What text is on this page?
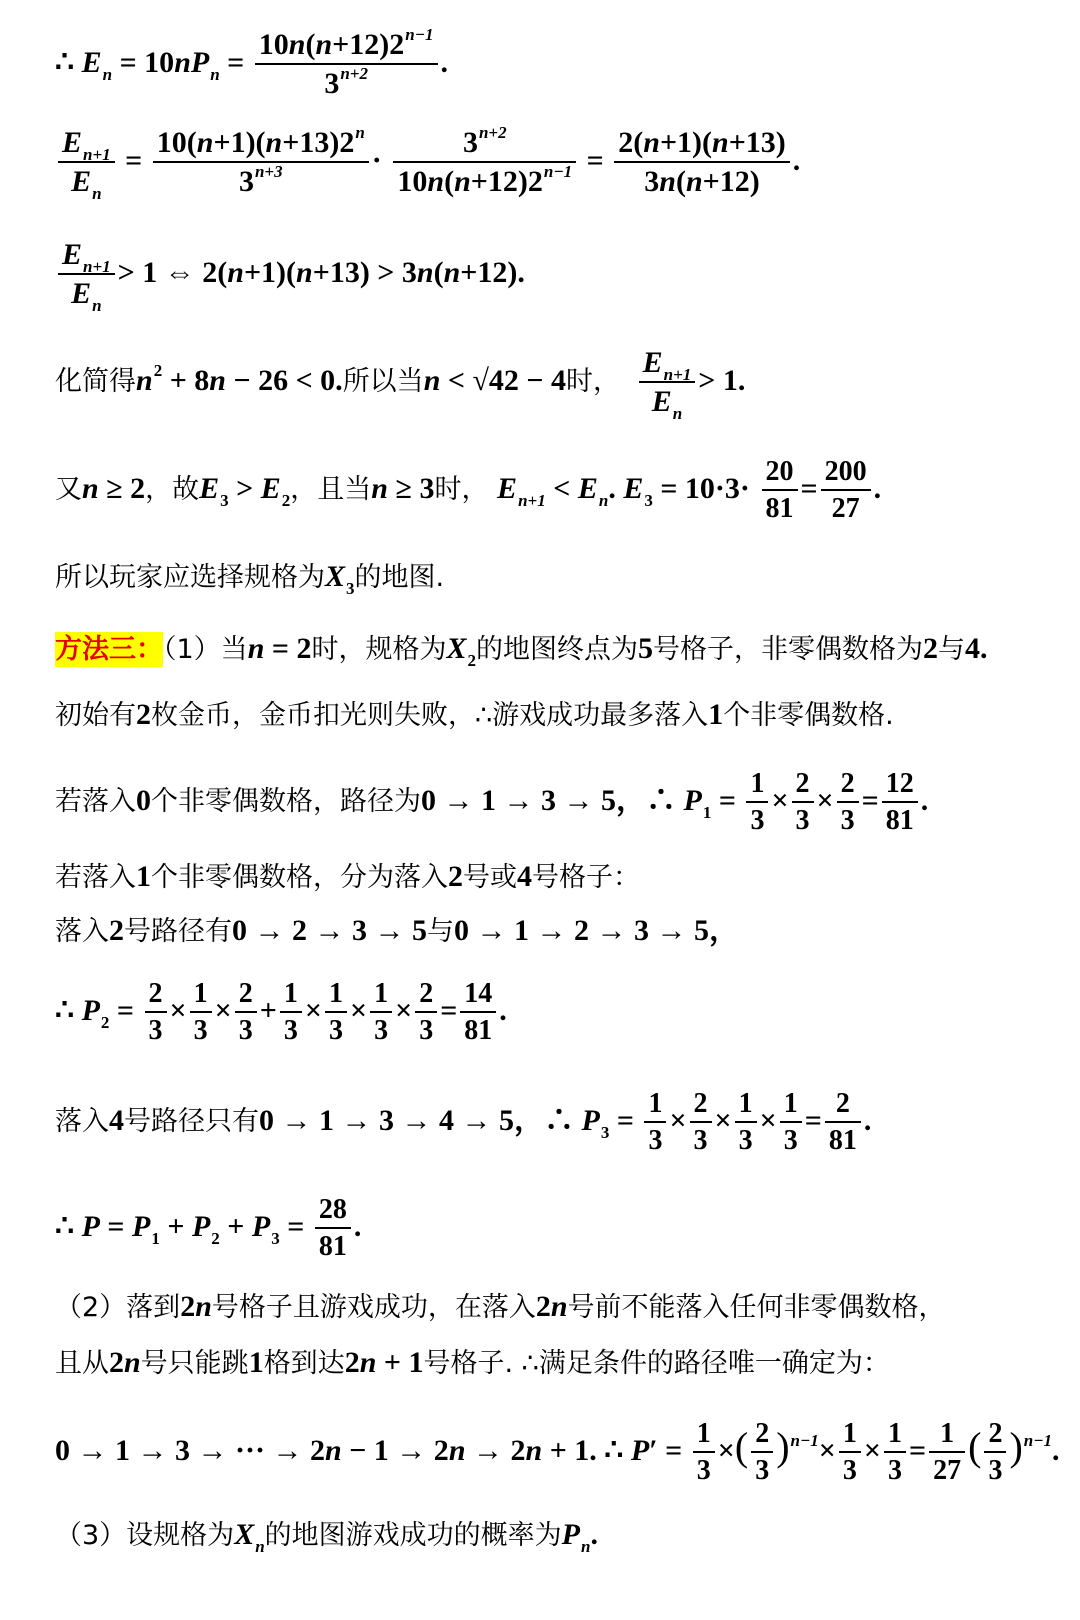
∴ $E_n = 10nP_n = \frac{10n(n+12)2^{n-1}}{3^{n+2}}$ .
$\frac{E_{n+1}}{E_n} = \frac{10(n+1)(n+13)2^n}{3^{n+3}} \cdot \frac{3^{n+2}}{10n(n+12)2^{n-1}} = \frac{2(n+1)(n+13)}{3n(n+12)}$ .
$\frac{E_{n+1}}{E_n} > 1$ ⇔ 2(n+1)(n+13) > 3n(n+12).
化简得$n^2 + 8n - 26 < 0$.所以当n < √42 − 4时， $\frac{E_{n+1}}{E_n} > 1$.
又n ≥ 2，故$E_3 > E_2$，且当n ≥ 3时， $E_{n+1} < E_n$. $E_3 = 10\cdot 3\cdot \frac{20}{81} = \frac{200}{27}$ .
所以玩家应选择规格为$X_3$的地图.
方法三：（1）当n = 2时，规格为$X_2$的地图终点为5号格子，非零偶数格为2与4.
初始有2枚金币，金币扣光则失败，∴游戏成功最多落入1个非零偶数格.
若落入0个非零偶数格，路径为0 → 1 → 3 → 5，∴ $P_1 = \frac{1}{3} \times \frac{2}{3} \times \frac{2}{3} = \frac{12}{81}$ .
若落入1个非零偶数格，分为落入2号或4号格子：
落入2号路径有0 → 2 → 3 → 5与0 → 1 → 2 → 3 → 5，
∴ $P_2 = \frac{2}{3} \times \frac{1}{3} \times \frac{2}{3} + \frac{1}{3} \times \frac{1}{3} \times \frac{1}{3} \times \frac{2}{3} = \frac{14}{81}$ .
落入4号路径只有0 → 1 → 3 → 4 → 5，∴ $P_3 = \frac{1}{3} \times \frac{2}{3} \times \frac{1}{3} \times \frac{1}{3} = \frac{2}{81}$ .
∴ $P = P_1 + P_2 + P_3 = \frac{28}{81}$ .
（2）落到2n号格子且游戏成功，在落入2n号前不能落入任何非零偶数格，
且从2n号只能跳1格到达2n + 1号格子. ∴满足条件的路径唯一确定为：
0 → 1 → 3 → ··· → 2n − 1 → 2n → 2n + 1. ∴ $P' = \frac{1}{3}$ ×( $\frac{2}{3} )^{n-1}\times \frac{1}{3} \times \frac{1}{3} = \frac{1}{27}$ ( $\frac{2}{3} )^{n-1}$.
（3）设规格为$X_n$的地图游戏成功的概率为$P_n$.
